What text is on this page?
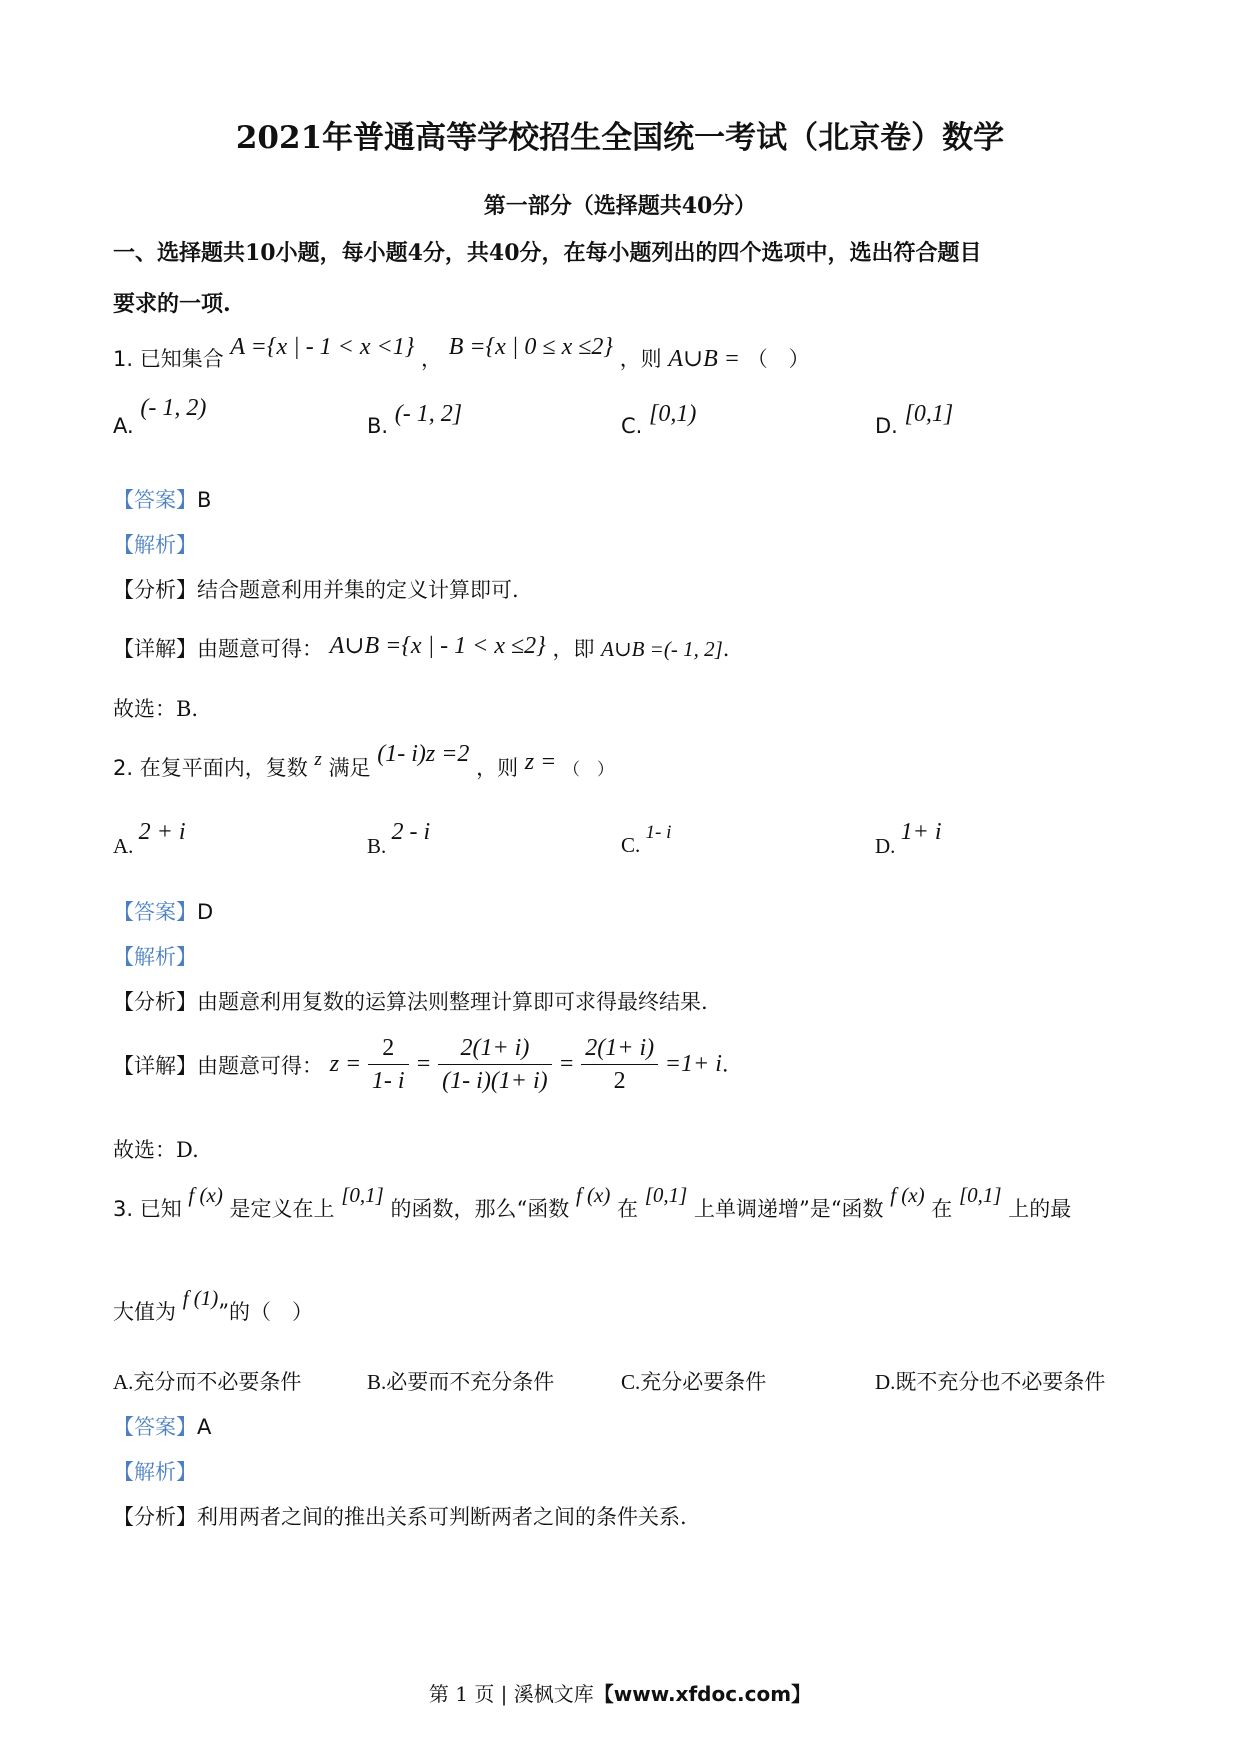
2021年普通高等学校招生全国统一考试（北京卷）数学
第一部分（选择题共40分）
一、选择题共10小题，每小题4分，共40分，在每小题列出的四个选项中，选出符合题目
要求的一项.
1. 已知集合 A ={x | - 1 < x <1} ， B ={x | 0 ≤ x ≤2} ，则 A∪B = （　）
A. (- 1, 2)
B. (- 1, 2]	C. [0,1)	D. [0,1]
【答案】B
【解析】
【分析】结合题意利用并集的定义计算即可.
【详解】由题意可得： A∪B ={x | - 1 < x ≤2} ，即 A∪B =(- 1, 2].
故选：B.
2. 在复平面内，复数 z 满足 (1- i)z =2 ，则 z = （　）
A. 2 + i
B. 2 - i	C. 1- i
D. 1+ i
【答案】D
【解析】
【分析】由题意利用复数的运算法则整理计算即可求得最终结果.
【详解】由题意可得： $z = \frac{2}{1- i} = \frac{2(1+ i)}{(1- i)(1+ i)} = \frac{2(1+ i)}{2} =1+ i$.
故选：D.
3. 已知 f (x) 是定义在上 [0,1] 的函数，那么“函数 f (x) 在 [0,1] 上单调递增”是“函数 f (x) 在 [0,1] 上的最
大值为 f (1)”的（　）
A.充分而不必要条件	B.必要而不充分条件	C.充分必要条件	D.既不充分也不必要条件
【答案】A
【解析】
【分析】利用两者之间的推出关系可判断两者之间的条件关系.
第 1 页 | 溪枫文库【www.xfdoc.com】
